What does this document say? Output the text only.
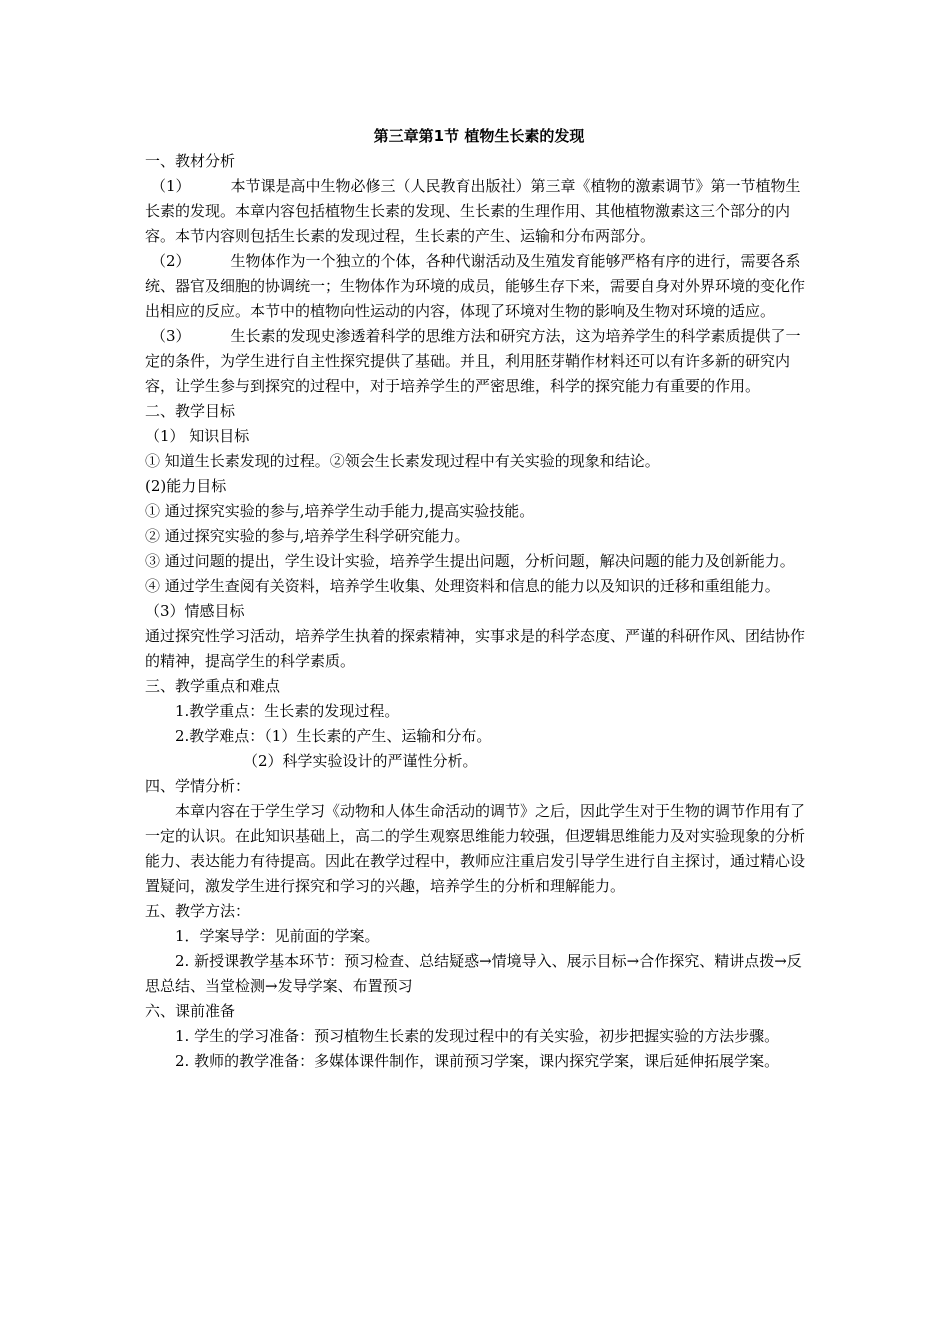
第三章第1节 植物生长素的发现

一、教材分析

（1）	本节课是高中生物必修三（人民教育出版社）第三章《植物的激素调节》第一节植物生长素的发现。本章内容包括植物生长素的发现、生长素的生理作用、其他植物激素这三个部分的内容。本节内容则包括生长素的发现过程，生长素的产生、运输和分布两部分。

（2）	生物体作为一个独立的个体，各种代谢活动及生殖发育能够严格有序的进行，需要各系统、器官及细胞的协调统一；生物体作为环境的成员，能够生存下来，需要自身对外界环境的变化作出相应的反应。本节中的植物向性运动的内容，体现了环境对生物的影响及生物对环境的适应。

（3）	生长素的发现史渗透着科学的思维方法和研究方法，这为培养学生的科学素质提供了一定的条件，为学生进行自主性探究提供了基础。并且，利用胚芽鞘作材料还可以有许多新的研究内容，让学生参与到探究的过程中，对于培养学生的严密思维，科学的探究能力有重要的作用。

二、教学目标

（1） 知识目标

① 知道生长素发现的过程。②领会生长素发现过程中有关实验的现象和结论。

(2)能力目标

① 通过探究实验的参与,培养学生动手能力,提高实验技能。

② 通过探究实验的参与,培养学生科学研究能力。

③ 通过问题的提出，学生设计实验，培养学生提出问题，分析问题，解决问题的能力及创新能力。

④ 通过学生查阅有关资料，培养学生收集、处理资料和信息的能力以及知识的迁移和重组能力。

（3）情感目标

通过探究性学习活动，培养学生执着的探索精神，实事求是的科学态度、严谨的科研作风、团结协作的精神，提高学生的科学素质。

三、教学重点和难点

1.教学重点：生长素的发现过程。

2.教学难点：（1）生长素的产生、运输和分布。

（2）科学实验设计的严谨性分析。

四、学情分析：

本章内容在于学生学习《动物和人体生命活动的调节》之后，因此学生对于生物的调节作用有了一定的认识。在此知识基础上，高二的学生观察思维能力较强，但逻辑思维能力及对实验现象的分析能力、表达能力有待提高。因此在教学过程中，教师应注重启发引导学生进行自主探讨，通过精心设置疑问，激发学生进行探究和学习的兴趣，培养学生的分析和理解能力。

五、教学方法：

1．学案导学：见前面的学案。

2. 新授课教学基本环节：预习检查、总结疑惑→情境导入、展示目标→合作探究、精讲点拨→反思总结、当堂检测→发导学案、布置预习

六、课前准备

1. 学生的学习准备：预习植物生长素的发现过程中的有关实验，初步把握实验的方法步骤。

2. 教师的教学准备：多媒体课件制作，课前预习学案，课内探究学案，课后延伸拓展学案。
